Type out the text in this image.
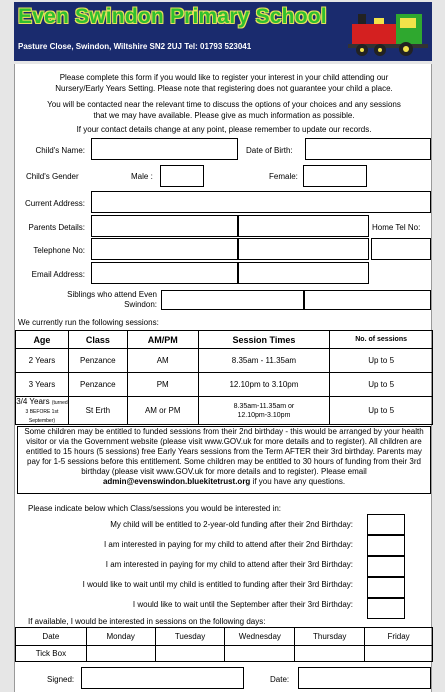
Even Swindon Primary School
Pasture Close, Swindon, Wiltshire SN2 2UJ Tel: 01793 523041
Please complete this form if you would like to register your interest in your child attending our
Nursery/Early Years Setting. Please note that registering does not guarantee your child a place.
You will be contacted near the relevant time to discuss the options of your choices and any sessions
that we may have available. Please give as much information as possible.
If your contact details change at any point, please remember to update our records.
Child's Name:	Date of Birth:
Child's Gender	Male :	Female:
Current Address:
Parents Details:	Home Tel No:
Telephone No:
Email Address:
Siblings who attend Even
Swindon:
We currently run the following sessions:
Age	Class	AM/PM	Session Times	No. of sessions
2 Years	Penzance	AM	8.35am - 11.35am	Up to 5
3 Years	Penzance	PM	12.10pm to 3.10pm	Up to 5
3/4 Years (turned 3 BEFORE 1st September)	St Erth	AM or PM	8.35am-11.35am or
12.10pm-3.10pm	Up to 5
Some children may be entitled to funded sessions from their 2nd birthday - this would be arranged by your health visitor or via the Government website (please visit www.GOV.uk for more details and to register). All children are entitled to 15 hours (5 sessions) free Early Years sessions from the Term AFTER their 3rd birthday. Parents may pay for 1-5 sessions before this entitlement. Some children may be entitled to 30 hours of funding from their 3rd birthday (please visit www.GOV.uk for more details and to register). Please email admin@evenswindon.bluekitetrust.org if you have any questions.
Please indicate below which Class/sessions you would be interested in:
My child will be entitled to 2-year-old funding after their 2nd Birthday:
I am interested in paying for my child to attend after their 2nd Birthday:
I am interested in paying for my child to attend after their 3rd Birthday:
I would like to wait until my child is entitled to funding after their 3rd Birthday:
I would like to wait until the September after their 3rd Birthday:
If available, I would be interested in sessions on the following days:
Date	Monday	Tuesday	Wednesday	Thursday	Friday
Tick Box					
Signed:	Date:
